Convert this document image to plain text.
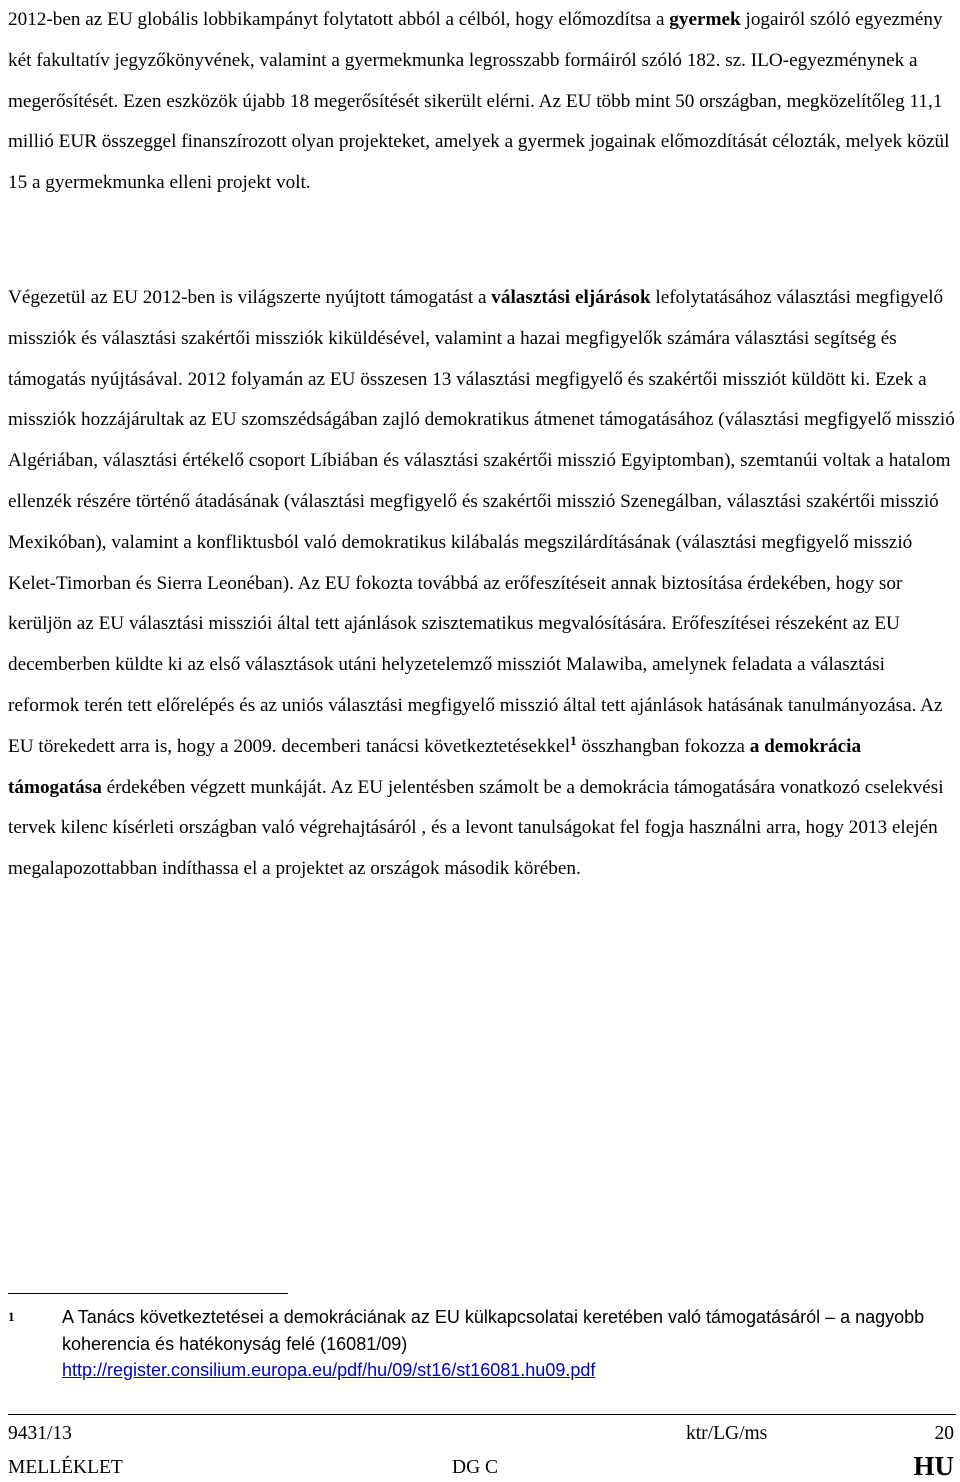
2012-ben az EU globális lobbikampányt folytatott abból a célból, hogy előmozdítsa a gyermek jogairól szóló egyezmény két fakultatív jegyzőkönyvének, valamint a gyermekmunka legrosszabb formáiról szóló 182. sz. ILO-egyezménynek a megerősítését. Ezen eszközök újabb 18 megerősítését sikerült elérni. Az EU több mint 50 országban, megközelítőleg 11,1 millió EUR összeggel finanszírozott olyan projekteket, amelyek a gyermek jogainak előmozdítását célozták, melyek közül 15 a gyermekmunka elleni projekt volt.

Végezetül az EU 2012-ben is világszerte nyújtott támogatást a választási eljárások lefolytatásához választási megfigyelő missziók és választási szakértői missziók kiküldésével, valamint a hazai megfigyelők számára választási segítség és támogatás nyújtásával. 2012 folyamán az EU összesen 13 választási megfigyelő és szakértői missziót küldött ki. Ezek a missziók hozzájárultak az EU szomszédságában zajló demokratikus átmenet támogatásához (választási megfigyelő misszió Algériában, választási értékelő csoport Líbiában és választási szakértői misszió Egyiptomban), szemtanúi voltak a hatalom ellenzék részére történő átadásának (választási megfigyelő és szakértői misszió Szenegálban, választási szakértői misszió Mexikóban), valamint a konfliktusból való demokratikus kilábalás megszilárdításának (választási megfigyelő misszió Kelet-Timorban és Sierra Leonéban). Az EU fokozta továbbá az erőfeszítéseit annak biztosítása érdekében, hogy sor kerüljön az EU választási missziói által tett ajánlások szisztematikus megvalósítására. Erőfeszítései részeként az EU decemberben küldte ki az első választások utáni helyzetelemző missziót Malawiba, amelynek feladata a választási reformok terén tett előrelépés és az uniós választási megfigyelő misszió által tett ajánlások hatásának tanulmányozása. Az EU törekedett arra is, hogy a 2009. decemberi tanácsi következtetésekkel$^1$ összhangban fokozza a demokrácia támogatása érdekében végzett munkáját. Az EU jelentésben számolt be a demokrácia támogatására vonatkozó cselekvési tervek kilenc kísérleti országban való végrehajtásáról , és a levont tanulságokat fel fogja használni arra, hogy 2013 elején megalapozottabban indíthassa el a projektet az országok második körében.

1	A Tanács következtetései a demokráciának az EU külkapcsolatai keretében való támogatásáról – a nagyobb koherencia és hatékonyság felé (16081/09)
http://register.consilium.europa.eu/pdf/hu/09/st16/st16081.hu09.pdf
9431/13	ktr/LG/ms	20
MELLÉKLET	DG C	HU
